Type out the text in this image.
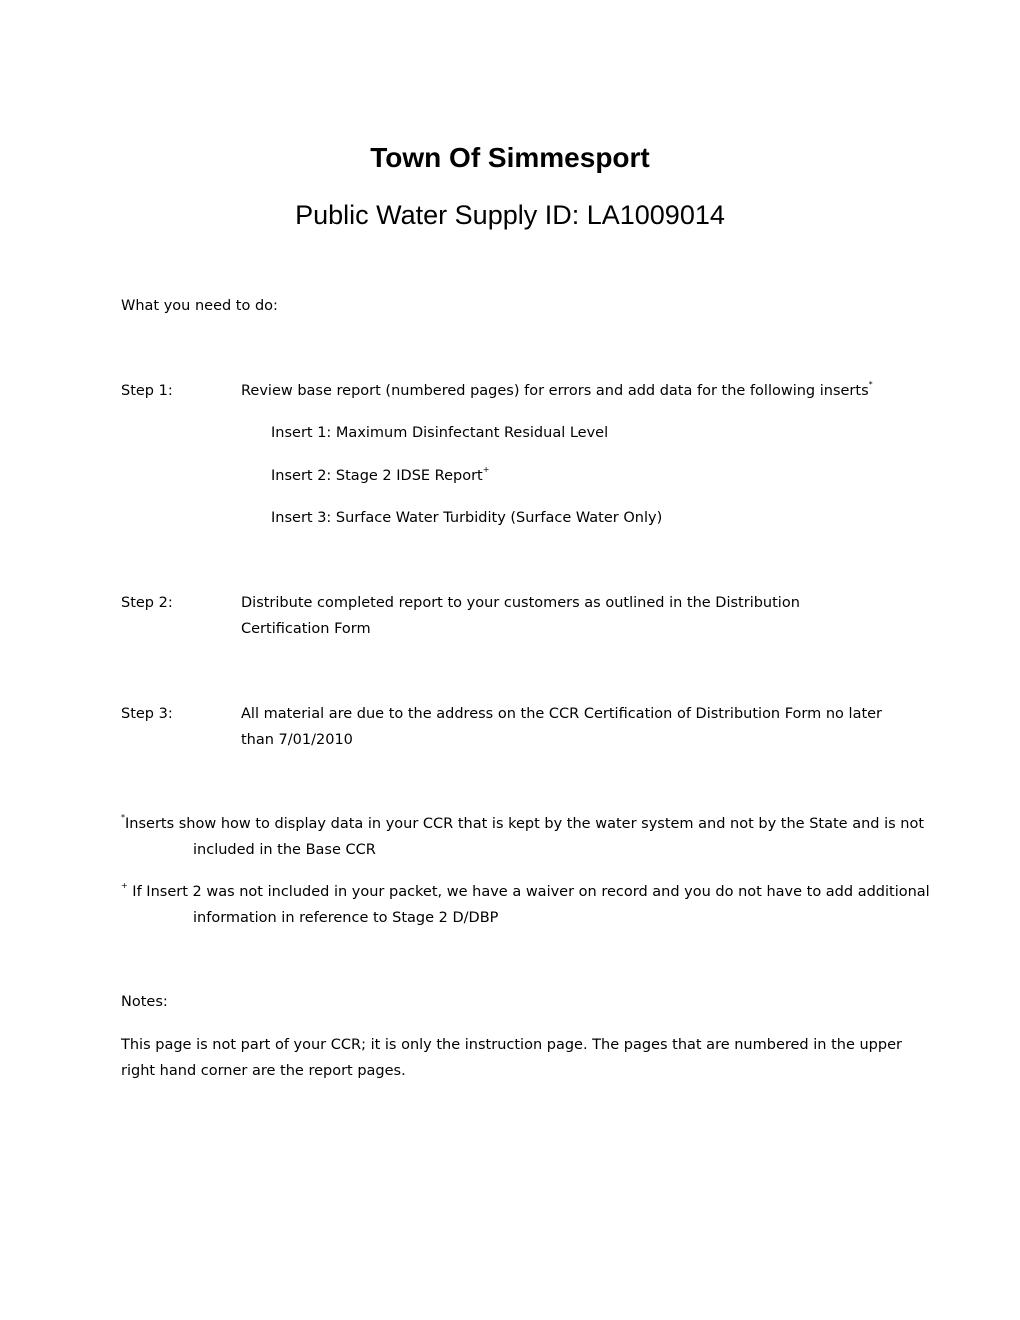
Town Of Simmesport
Public Water Supply ID: LA1009014
What you need to do:
Step 1:	Review base report (numbered pages) for errors and add data for the following inserts*
Insert 1: Maximum Disinfectant Residual Level
Insert 2: Stage 2 IDSE Report+
Insert 3: Surface Water Turbidity (Surface Water Only)
Step 2:	Distribute completed report to your customers as outlined in the Distribution Certification Form
Step 3:	All material are due to the address on the CCR Certification of Distribution Form no later than 7/01/2010
*Inserts show how to display data in your CCR that is kept by the water system and not by the State and is not included in the Base CCR
+ If Insert 2 was not included in your packet, we have a waiver on record and you do not have to add additional information in reference to Stage 2 D/DBP
Notes:
This page is not part of your CCR; it is only the instruction page. The pages that are numbered in the upper right hand corner are the report pages.
